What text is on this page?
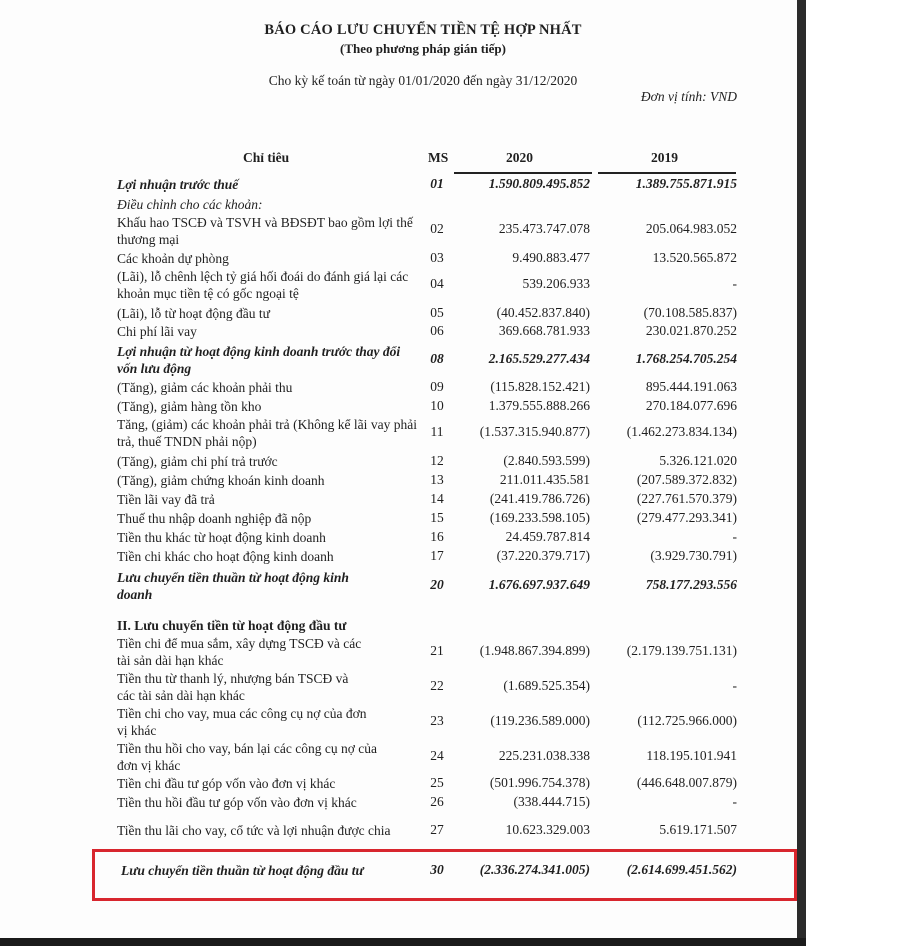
BÁO CÁO LƯU CHUYỂN TIỀN TỆ HỢP NHẤT
(Theo phương pháp gián tiếp)
Cho kỳ kế toán từ ngày 01/01/2020 đến ngày 31/12/2020
Đơn vị tính: VND
Chỉ tiêu	MS	2020	2019
Lợi nhuận trước thuế	01	1.590.809.495.852	1.389.755.871.915
Điều chỉnh cho các khoản:
Khấu hao TSCĐ và TSVH và BĐSĐT bao gồm lợi thế thương mại
02	235.473.747.078	205.064.983.052
Các khoản dự phòng	03	9.490.883.477	13.520.565.872
(Lãi), lỗ chênh lệch tỷ giá hối đoái do đánh giá lại các khoản mục tiền tệ có gốc ngoại tệ
04	539.206.933	-
(Lãi), lỗ từ hoạt động đầu tư	05	(40.452.837.840)	(70.108.585.837)
Chi phí lãi vay	06	369.668.781.933	230.021.870.252
Lợi nhuận từ hoạt động kinh doanh trước thay đổi vốn lưu động
08	2.165.529.277.434	1.768.254.705.254
(Tăng), giảm các khoản phải thu	09	(115.828.152.421)	895.444.191.063
(Tăng), giảm hàng tồn kho	10	1.379.555.888.266	270.184.077.696
Tăng, (giảm) các khoản phải trả (Không kể lãi vay phải trả, thuế TNDN phải nộp)
11	(1.537.315.940.877)	(1.462.273.834.134)
(Tăng), giảm chi phí trả trước	12	(2.840.593.599)	5.326.121.020
(Tăng), giảm chứng khoán kinh doanh	13	211.011.435.581	(207.589.372.832)
Tiền lãi vay đã trả	14	(241.419.786.726)	(227.761.570.379)
Thuế thu nhập doanh nghiệp đã nộp	15	(169.233.598.105)	(279.477.293.341)
Tiền thu khác từ hoạt động kinh doanh	16	24.459.787.814	-
Tiền chi khác cho hoạt động kinh doanh	17	(37.220.379.717)	(3.929.730.791)
Lưu chuyển tiền thuần từ hoạt động kinh doanh
20	1.676.697.937.649	758.177.293.556
II. Lưu chuyển tiền từ hoạt động đầu tư
Tiền chi để mua sắm, xây dựng TSCĐ và các tài sản dài hạn khác
21	(1.948.867.394.899)	(2.179.139.751.131)
Tiền thu từ thanh lý, nhượng bán TSCĐ và các tài sản dài hạn khác
22	(1.689.525.354)	-
Tiền chi cho vay, mua các công cụ nợ của đơn vị khác
23	(119.236.589.000)	(112.725.966.000)
Tiền thu hồi cho vay, bán lại các công cụ nợ của đơn vị khác
24	225.231.038.338	118.195.101.941
Tiền chi đầu tư góp vốn vào đơn vị khác	25	(501.996.754.378)	(446.648.007.879)
Tiền thu hồi đầu tư góp vốn vào đơn vị khác	26	(338.444.715)	-
Tiền thu lãi cho vay, cổ tức và lợi nhuận được chia	27	10.623.329.003	5.619.171.507
Lưu chuyển tiền thuần từ hoạt động đầu tư	30	(2.336.274.341.005)	(2.614.699.451.562)
